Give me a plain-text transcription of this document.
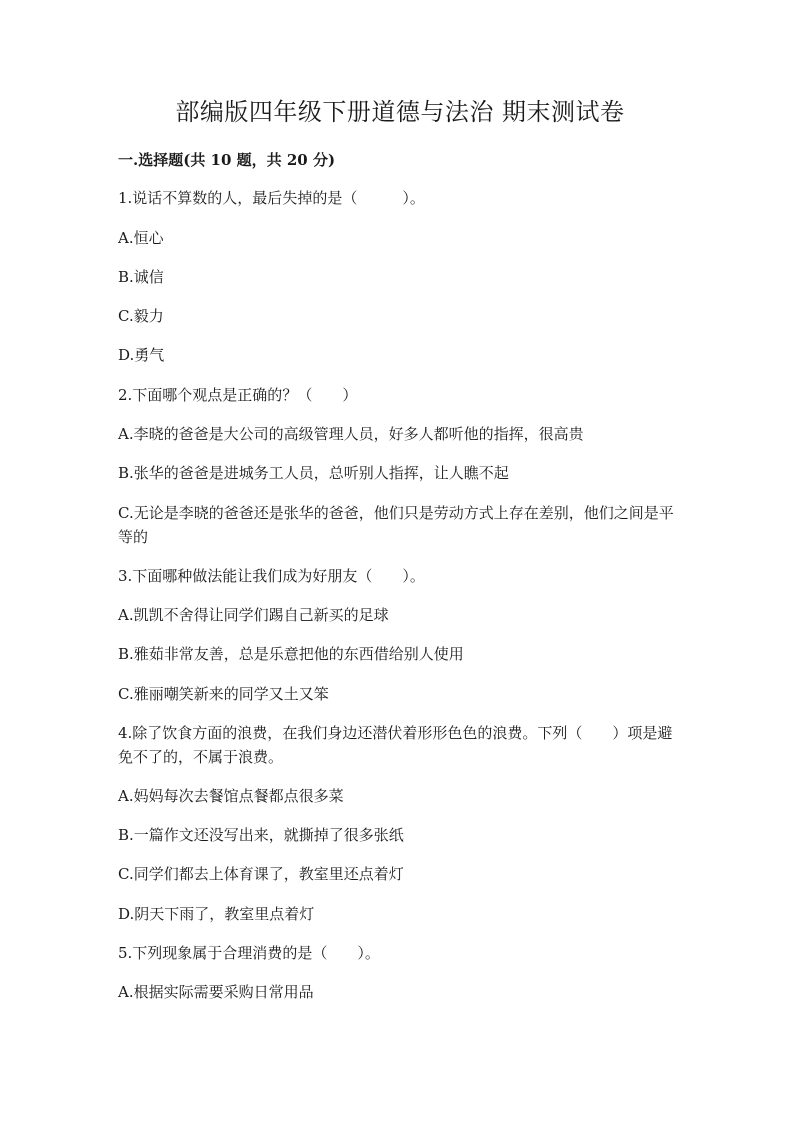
部编版四年级下册道德与法治 期末测试卷
一.选择题(共 10 题，共 20 分)
1.说话不算数的人，最后失掉的是（　　　）。
A.恒心
B.诚信
C.毅力
D.勇气
2.下面哪个观点是正确的？（　　）
A.李晓的爸爸是大公司的高级管理人员，好多人都听他的指挥，很高贵
B.张华的爸爸是进城务工人员，总听别人指挥，让人瞧不起
C.无论是李晓的爸爸还是张华的爸爸，他们只是劳动方式上存在差别，他们之间是平等的
3.下面哪种做法能让我们成为好朋友（　　）。
A.凯凯不舍得让同学们踢自己新买的足球
B.雅茹非常友善，总是乐意把他的东西借给别人使用
C.雅丽嘲笑新来的同学又土又笨
4.除了饮食方面的浪费，在我们身边还潜伏着形形色色的浪费。下列（　　）项是避免不了的，不属于浪费。
A.妈妈每次去餐馆点餐都点很多菜
B.一篇作文还没写出来，就撕掉了很多张纸
C.同学们都去上体育课了，教室里还点着灯
D.阴天下雨了，教室里点着灯
5.下列现象属于合理消费的是（　　）。
A.根据实际需要采购日常用品
